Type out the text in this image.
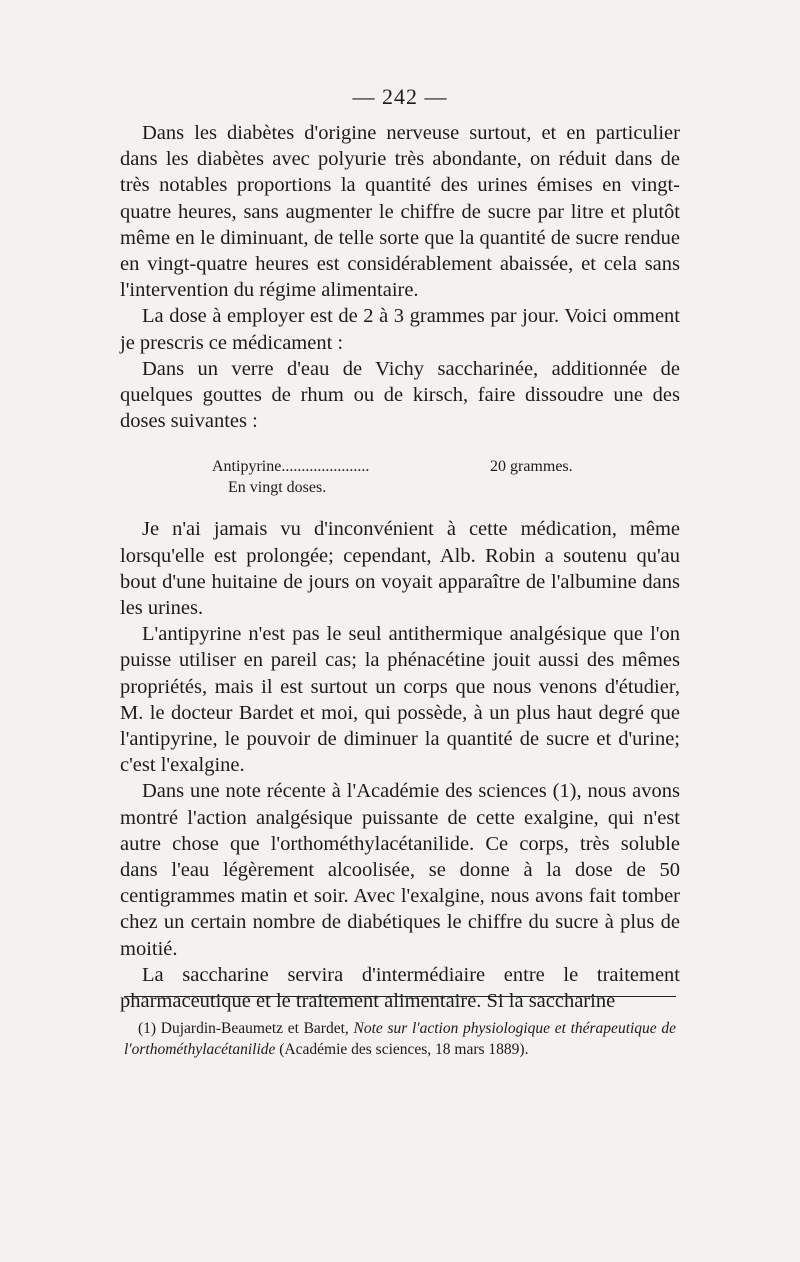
— 242 —

Dans les diabètes d'origine nerveuse surtout, et en particulier dans les diabètes avec polyurie très abondante, on réduit dans de très notables proportions la quantité des urines émises en vingt-quatre heures, sans augmenter le chiffre de sucre par litre et plutôt même en le diminuant, de telle sorte que la quantité de sucre rendue en vingt-quatre heures est considérablement abaissée, et cela sans l'intervention du régime alimentaire.

La dose à employer est de 2 à 3 grammes par jour. Voici omment je prescris ce médicament :

Dans un verre d'eau de Vichy saccharinée, additionnée de quelques gouttes de rhum ou de kirsch, faire dissoudre une des doses suivantes :

Antipyrine......................	20 grammes.
En vingt doses.

Je n'ai jamais vu d'inconvénient à cette médication, même lorsqu'elle est prolongée; cependant, Alb. Robin a soutenu qu'au bout d'une huitaine de jours on voyait apparaître de l'albumine dans les urines.

L'antipyrine n'est pas le seul antithermique analgésique que l'on puisse utiliser en pareil cas; la phénacétine jouit aussi des mêmes propriétés, mais il est surtout un corps que nous venons d'étudier, M. le docteur Bardet et moi, qui possède, à un plus haut degré que l'antipyrine, le pouvoir de diminuer la quantité de sucre et d'urine; c'est l'exalgine.

Dans une note récente à l'Académie des sciences (1), nous avons montré l'action analgésique puissante de cette exalgine, qui n'est autre chose que l'orthométhylacétanilide. Ce corps, très soluble dans l'eau légèrement alcoolisée, se donne à la dose de 50 centigrammes matin et soir. Avec l'exalgine, nous avons fait tomber chez un certain nombre de diabétiques le chiffre du sucre à plus de moitié.

La saccharine servira d'intermédiaire entre le traitement pharmaceutique et le traitement alimentaire. Si la saccharine

(1) Dujardin-Beaumetz et Bardet, Note sur l'action physiologique et thérapeutique de l'orthométhylacétanilide (Académie des sciences, 18 mars 1889).
